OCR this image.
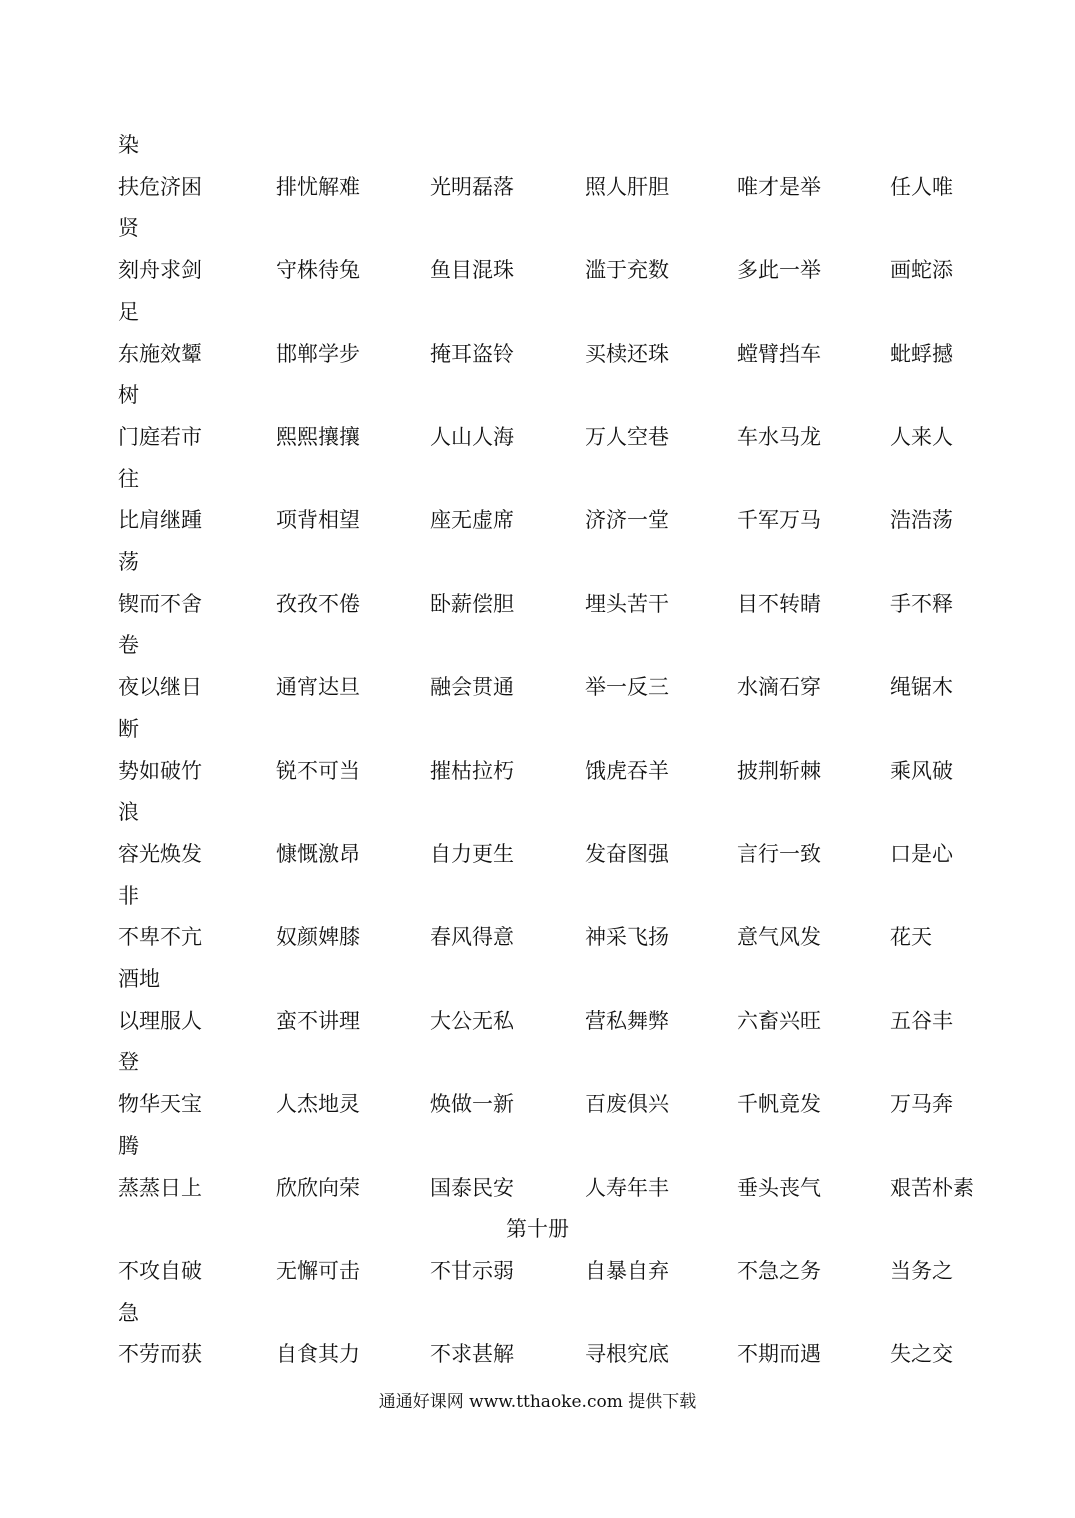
染
扶危济困	排忧解难	光明磊落	照人肝胆	唯才是举	任人唯
贤
刻舟求剑	守株待兔	鱼目混珠	滥于充数	多此一举	画蛇添
足
东施效颦	邯郸学步	掩耳盗铃	买椟还珠	螳臂挡车	蚍蜉撼
树
门庭若市	熙熙攘攘	人山人海	万人空巷	车水马龙	人来人
往
比肩继踵	项背相望	座无虚席	济济一堂	千军万马	浩浩荡
荡
锲而不舍	孜孜不倦	卧薪偿胆	埋头苦干	目不转睛	手不释
卷
夜以继日	通宵达旦	融会贯通	举一反三	水滴石穿	绳锯木
断
势如破竹	锐不可当	摧枯拉朽	饿虎吞羊	披荆斩棘	乘风破
浪
容光焕发	慷慨激昂	自力更生	发奋图强	言行一致	口是心
非
不卑不亢	奴颜婢膝	春风得意	神采飞扬	意气风发	花天
酒地
以理服人	蛮不讲理	大公无私	营私舞弊	六畜兴旺	五谷丰
登
物华天宝	人杰地灵	焕做一新	百废俱兴	千帆竟发	万马奔
腾
蒸蒸日上	欣欣向荣	国泰民安	人寿年丰	垂头丧气	艰苦朴素
第十册
不攻自破	无懈可击	不甘示弱	自暴自弃	不急之务	当务之
急
不劳而获	自食其力	不求甚解	寻根究底	不期而遇	失之交
通通好课网 www.tthaoke.com 提供下载
